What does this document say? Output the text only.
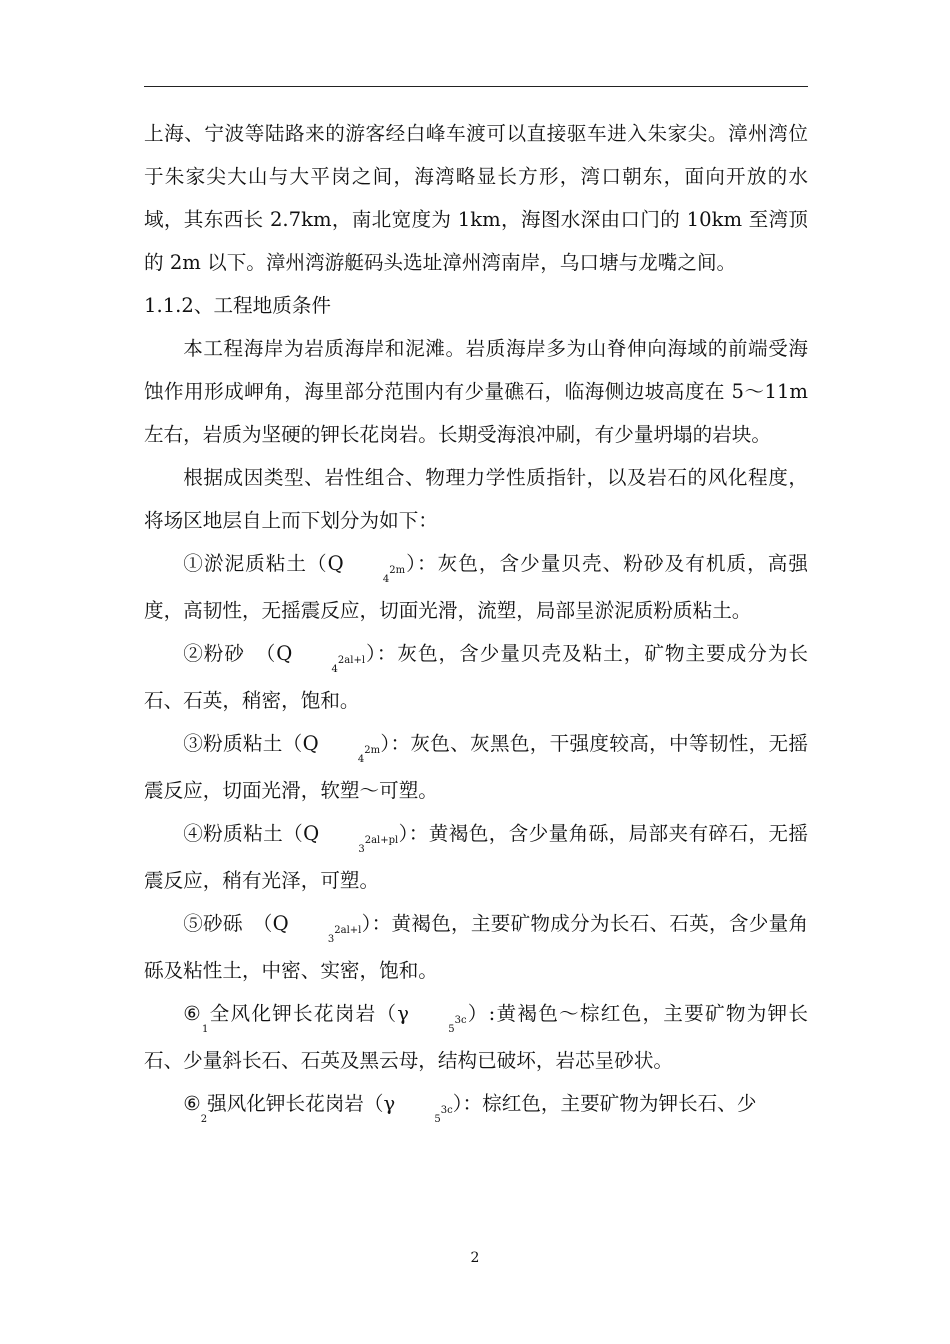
上海、宁波等陆路来的游客经白峰车渡可以直接驱车进入朱家尖。漳州湾位于朱家尖大山与大平岗之间，海湾略显长方形，湾口朝东，面向开放的水域，其东西长 2.7km，南北宽度为 1km，海图水深由口门的 10km 至湾顶的 2m 以下。漳州湾游艇码头选址漳州湾南岸，乌口塘与龙嘴之间。

1.1.2、工程地质条件

本工程海岸为岩质海岸和泥滩。岩质海岸多为山脊伸向海域的前端受海蚀作用形成岬角，海里部分范围内有少量礁石，临海侧边坡高度在 5～11m 左右，岩质为坚硬的钾长花岗岩。长期受海浪冲刷，有少量坍塌的岩块。

根据成因类型、岩性组合、物理力学性质指针，以及岩石的风化程度，将场区地层自上而下划分为如下：

①淤泥质粘土$(Q_42m)$：灰色，含少量贝壳、粉砂及有机质，高强度，高韧性，无摇震反应，切面光滑，流塑，局部呈淤泥质粉质粘土。

②粉砂　$(Q_42al+l)$：灰色，含少量贝壳及粘土，矿物主要成分为长石、石英，稍密，饱和。

③粉质粘土$(Q_42m)$：灰色、灰黑色，干强度较高，中等韧性，无摇震反应，切面光滑，软塑～可塑。

④粉质粘土$(Q_32al+pl)$：黄褐色，含少量角砾，局部夹有碎石，无摇震反应，稍有光泽，可塑。

⑤砂砾　$(Q_32al+l)$：黄褐色，主要矿物成分为长石、石英，含少量角砾及粘性土，中密、实密，饱和。

$⑥_1$全风化钾长花岗岩$(\gamma_53c)$:黄褐色～棕红色，主要矿物为钾长石、少量斜长石、石英及黑云母，结构已破坏，岩芯呈砂状。

$⑥_2$强风化钾长花岗岩$(\gamma_53c)$：棕红色，主要矿物为钾长石、少

2
